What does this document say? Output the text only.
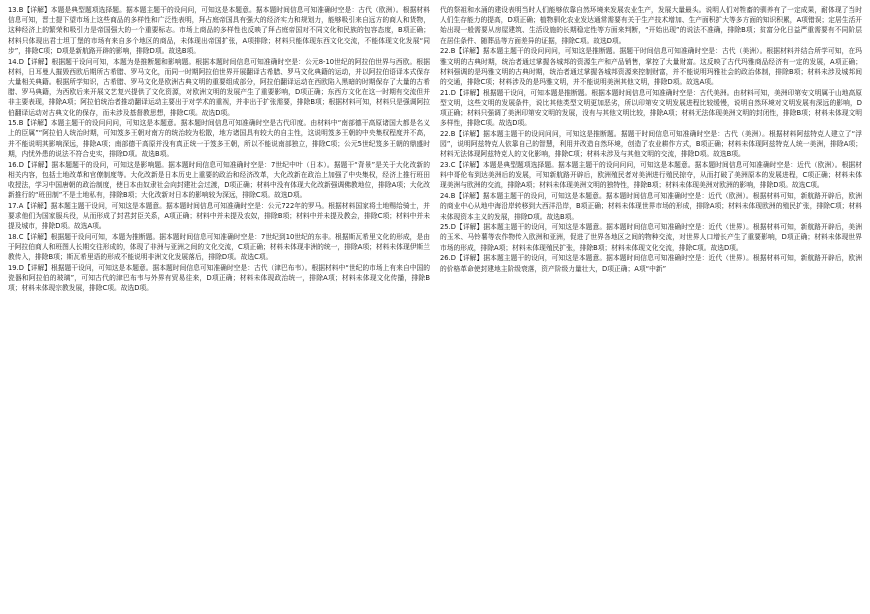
13.B【详解】本题是典型题项选择题。据本题主题干的设问问，可知这是本题意。据本题时间信息可知准确时空是：古代（欧洲）。根据材料信息可知，晋士提下望市场上这些商品的多样性和广泛性表明，拜占庭帝国具有强大的经济实力和规划力，能够吸引来自远方的商人和货物，这种经济上的繁荣和吸引力是帝国强大的一个重要标志。市场上商品的多样性也反映了拜占庭帝国对不同文化和民族的包容态度，B项正确；材料只体现出君士坦丁堡的市场有来自多个地区的商品，未体现出帝国扩张，A项排除；材料只能体现东西文化交流，不能体现文化发展“同步”，排除C项；D项是新航路开辟的影响，排除D项。故选B项。

14.D【详解】根据题干设问可知，本题为是推断题和影响题。根据本题时间信息可知准确时空是：公元8-10世纪的阿拉伯世界与西欧。根据材料，日耳曼人摧毁西欧后期所古希腊、罗马文化，而同一时期阿拉伯世界开展翻译古希腊、罗马文化典籍的运动，并以阿拉伯语译本式保存大量相关典籍。根据所学知识，古希腊、罗马文化是欧洲古典文明的重要组成部分，阿拉伯翻译运动在西欧陷入黑暗的时期保存了大量的古希腊、罗马典籍，为西欧后来开展文艺复兴提供了文化资源，对欧洲文明的发展产生了重要影响，D项正确；东西方文化在这一时期有交流但并非主要表现，排除A项；阿拉伯统治者推动翻译运动主要出于对学术的重视，并非出于扩张需要，排除B项；根据材料可知，材料只是强调阿拉伯翻译运动对古典文化的保存，而未涉及基督教思想，排除C项。故选D项。

15.B【详解】本题主题干的设问问问，可知这是本题意。据本题时间信息可知准确时空是古代印度。由材料中“南部德干高原诸国大都是名义上的臣属”“阿拉伯人统治时期，可知笈多王朝对南方的统治较为松散，地方诸国具有较大的自主性，这说明笈多王朝的中央集权程度并不高，并不能说明其影响深远，排除A项；南部德干高原并没有真正统一于笈多王朝，所以不能说南部独立，排除C项；公元5世纪笈多王朝的鼎盛时期，内忧外患的说法不符合史实，排除D项。故选B项。

16.D【详解】据本题题干的设问，可知这是影响题。据本题时间信息可知准确时空是：7世纪中叶（日本）。据题干“背景”是关于大化改新的相关内容，包括土地改革和官僚制度等。大化改新是日本历史上重要的政治和经济改革，大化改新在政治上加强了中央集权，经济上推行班田收授法，学习中国唐朝的政治制度，使日本由奴隶社会向封建社会过渡，D项正确；材料中没有体现大化改新强调佛教地位，排除A项；大化改新推行的“班田制”不是土地私有，排除B项；大化改新对日本的影响较为深远，排除C项。故选D项。

17.A【详解】据本题主题干设问，可知这是本题意。据本题时间信息可知准确时空是：公元722年的罗马。根据材料国家将土地赐给骑士，并要求他们为国家服兵役，从而形成了封君封臣关系，A项正确；材料中并未提及农奴，排除B项；材料中并未提及教会，排除C项；材料中并未提及城市，排除D项。故选A项。

18.C【详解】根据题干设问可知，本题为推断题。据本题时间信息可知准确时空是：7世纪到10世纪的东非。根据斯瓦希里文化的形成，是由于阿拉伯商人和班图人长期交往形成的，体现了非洲与亚洲之间的文化交流，C项正确；材料未体现非洲的统一，排除A项；材料未体现伊斯兰教传入，排除B项；斯瓦希里语的形成不能说明非洲文化发展落后，排除D项。故选C项。

19.D【详解】根据题干设问，可知这是本题意。据本题时间信息可知准确时空是：古代（津巴布韦）。根据材料中“世纪的市场上有来自中国的瓷器和阿拉伯的玻璃”，可知古代的津巴布韦与外界有贸易往来，D项正确；材料未体现政治统一，排除A项；材料未体现文化传播，排除B项；材料未体现宗教发展，排除C项。故选D项。

代的祭祖和水涌的建设表明当时人们能够依靠自然环境来发展农业生产，发展大量最头。说明人们对牲畜的驯养有了一定成果，耐体现了当时人们生存能力的提高，D项正确；植物驯化农业发达通常需要有关于生产技术增加、生产面积扩大等多方面的知识积累，A项错误；定居生活开始出现一般需要从房屋建筑、生活设施的长期稳定性等方面来判断，“开始出现”的说法不准确，排除B项；贫富分化日益严重需要有不同阶层在居住条件、随葬品等方面差异的证据，排除C项。故选D项。

22.B【详解】据本题主题干的设问问问，可知这是推断题。据题干时间信息可知准确时空是：古代（美洲）。根据材料并结合所学可知，在玛雅文明的古典时期，统治者通过掌握各城邦的资源生产和产品销售，掌控了大量财富。这反映了古代玛雅商品经济有一定的发展，A项正确；材料强调的是玛雅文明的古典时期，统治者通过掌握各城邦资源来控制财富，并不能说明玛雅社会的政治体制，排除B项；材料未涉及城邦间的交通，排除C项；材料涉及的是玛雅文明，并不能说明美洲其他文明，排除D项。故选A项。

21.D【详解】根据题干设问，可知本题是推断题。根据本题时间信息可知准确时空是：古代美洲。由材料可知，美洲印第安文明属于山地高原型文明，这些文明的发展条件，说比其他类型文明更加恶劣，所以印第安文明发展进程比较缓慢，说明自然环境对文明发展有深远的影响，D项正确；材料只强调了美洲印第安文明的发展，没有与其他文明比较，排除A项；材料无法体现美洲文明的封闭性，排除B项；材料未体现文明多样性，排除C项。故选D项。

22.B【详解】据本题主题干的设问问问，可知这是推断题。据题干时间信息可知准确时空是：古代（美洲）。根据材料阿兹特克人建立了“浮园”，说明阿兹特克人依靠自己的智慧，利用并改造自然环境，创造了农业耕作方式，B项正确；材料未体现阿兹特克人统一美洲，排除A项；材料无法体现阿兹特克人的文化影响，排除C项；材料未涉及与其他文明的交流，排除D项。故选B项。

23.C【详解】本题是典型题项选择题。据本题主题干的设问问问，可知这是本题意。据本题时间信息可知准确时空是：近代（欧洲）。根据材料中哥伦布到达美洲后的发展，可知新航路开辟后，欧洲殖民者对美洲进行殖民掠夺，从而打破了美洲原本的发展进程，C项正确；材料未体现美洲与欧洲的交流，排除A项；材料未体现美洲文明的独特性，排除B项；材料未体现美洲对欧洲的影响，排除D项。故选C项。

24.B【详解】据本题主题干的设问，可知这是本题意。据本题时间信息可知准确时空是：近代（欧洲）。根据材料可知，新航路开辟后，欧洲的商业中心从地中海沿岸转移到大西洋沿岸，B项正确；材料未体现世界市场的形成，排除A项；材料未体现欧洲的殖民扩张，排除C项；材料未体现资本主义的发展，排除D项。故选B项。

25.D【详解】据本题主题干的设问，可知这是本题意。据本题时间信息可知准确时空是：近代（世界）。根据材料可知，新航路开辟后，美洲的玉米、马铃薯等农作物传入欧洲和亚洲，促进了世界各地区之间的物种交流，对世界人口增长产生了重要影响，D项正确；材料未体现世界市场的形成，排除A项；材料未体现殖民扩张，排除B项；材料未体现文化交流，排除C项。故选D项。

26.D【详解】据本题主题干的设问，可知这是本题意。据本题时间信息可知准确时空是：近代（世界）。根据材料可知，新航路开辟后，欧洲的价格革命使封建地主阶级衰落，资产阶级力量壮大，D项正确；A项“中新”
